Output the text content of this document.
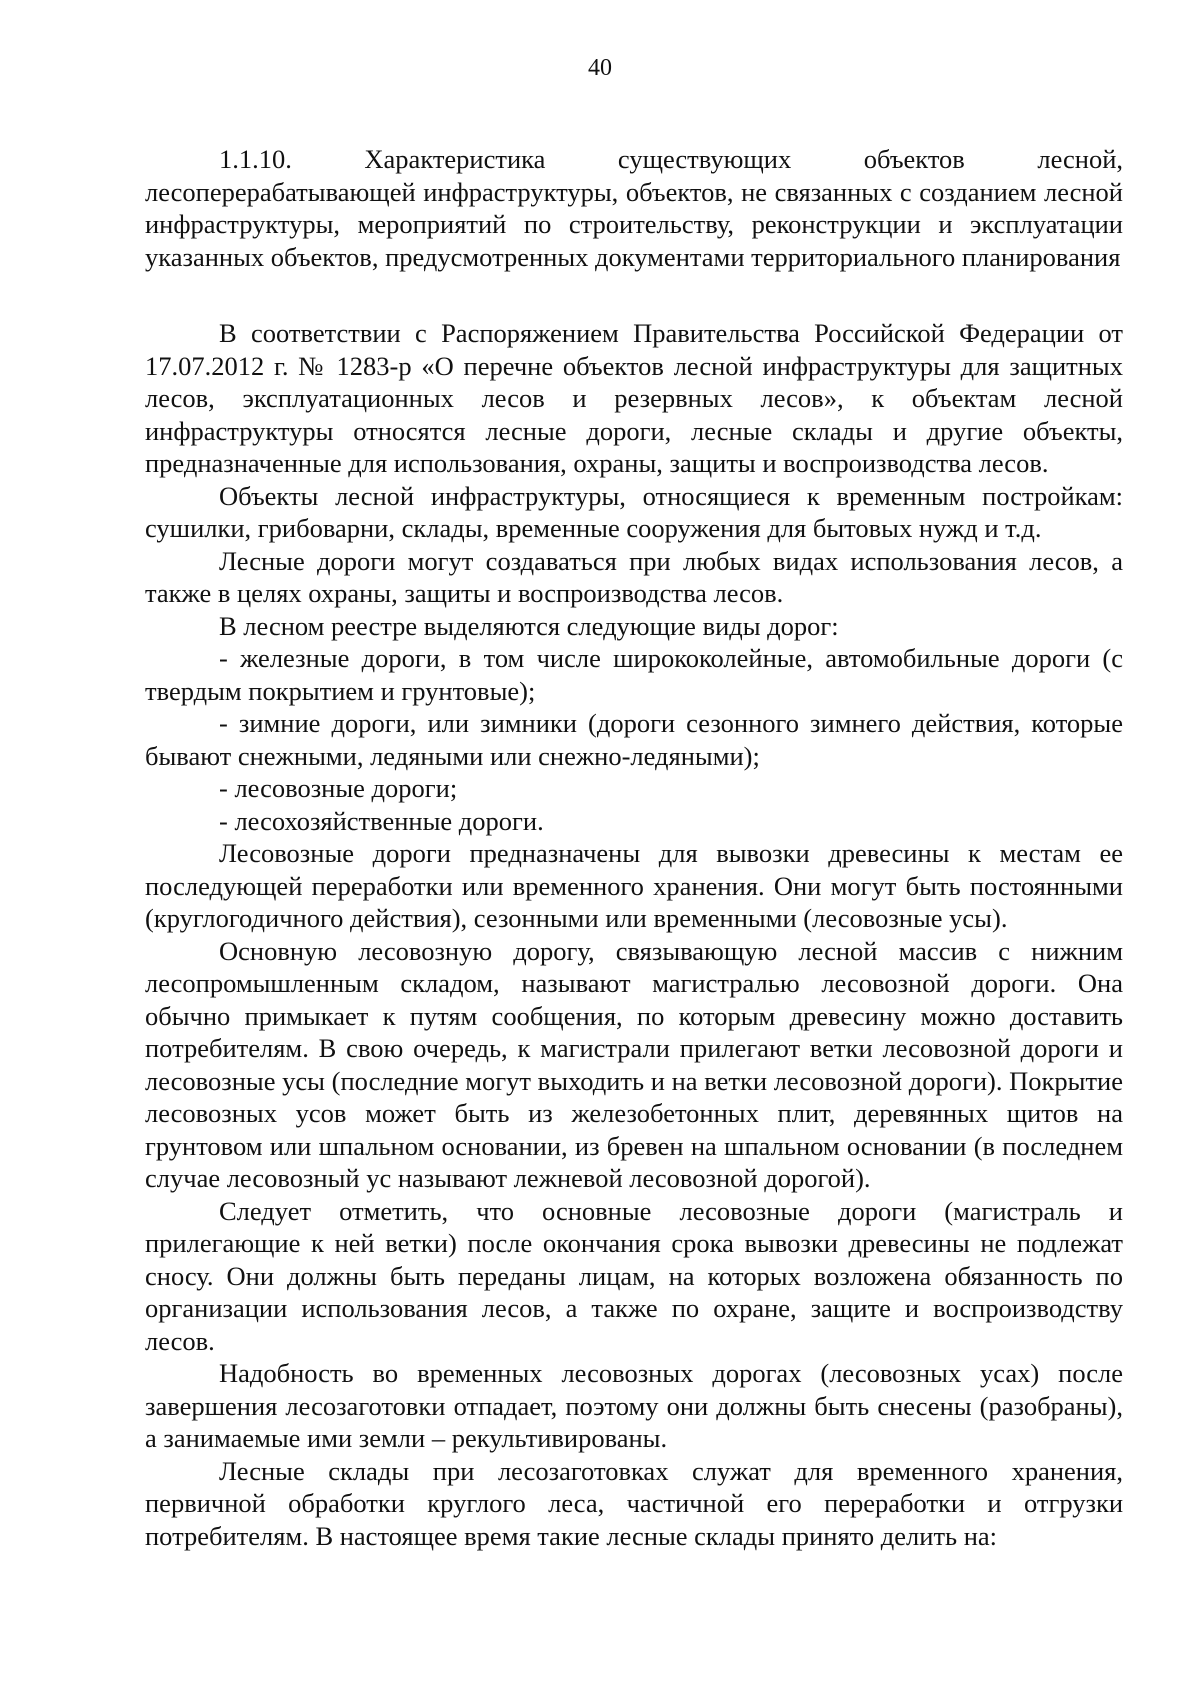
40

1.1.10. Характеристика существующих объектов лесной, лесоперерабатывающей инфраструктуры, объектов, не связанных с созданием лесной инфраструктуры, мероприятий по строительству, реконструкции и эксплуатации указанных объектов, предусмотренных документами территориального планирования

В соответствии с Распоряжением Правительства Российской Федерации от 17.07.2012 г. № 1283-р «О перечне объектов лесной инфраструктуры для защитных лесов, эксплуатационных лесов и резервных лесов», к объектам лесной инфраструктуры относятся лесные дороги, лесные склады и другие объекты, предназначенные для использования, охраны, защиты и воспроизводства лесов.

Объекты лесной инфраструктуры, относящиеся к временным постройкам: сушилки, грибоварни, склады, временные сооружения для бытовых нужд и т.д.

Лесные дороги могут создаваться при любых видах использования лесов, а также в целях охраны, защиты и воспроизводства лесов.

В лесном реестре выделяются следующие виды дорог:

- железные дороги, в том числе ширококолейные, автомобильные дороги (с твердым покрытием и грунтовые);

- зимние дороги, или зимники (дороги сезонного зимнего действия, которые бывают снежными, ледяными или снежно-ледяными);

- лесовозные дороги;

- лесохозяйственные дороги.

Лесовозные дороги предназначены для вывозки древесины к местам ее последующей переработки или временного хранения. Они могут быть постоянными (круглогодичного действия), сезонными или временными (лесовозные усы).

Основную лесовозную дорогу, связывающую лесной массив с нижним лесопромышленным складом, называют магистралью лесовозной дороги. Она обычно примыкает к путям сообщения, по которым древесину можно доставить потребителям. В свою очередь, к магистрали прилегают ветки лесовозной дороги и лесовозные усы (последние могут выходить и на ветки лесовозной дороги). Покрытие лесовозных усов может быть из железобетонных плит, деревянных щитов на грунтовом или шпальном основании, из бревен на шпальном основании (в последнем случае лесовозный ус называют лежневой лесовозной дорогой).

Следует отметить, что основные лесовозные дороги (магистраль и прилегающие к ней ветки) после окончания срока вывозки древесины не подлежат сносу. Они должны быть переданы лицам, на которых возложена обязанность по организации использования лесов, а также по охране, защите и воспроизводству лесов.

Надобность во временных лесовозных дорогах (лесовозных усах) после завершения лесозаготовки отпадает, поэтому они должны быть снесены (разобраны), а занимаемые ими земли – рекультивированы.

Лесные склады при лесозаготовках служат для временного хранения, первичной обработки круглого леса, частичной его переработки и отгрузки потребителям. В настоящее время такие лесные склады принято делить на:
